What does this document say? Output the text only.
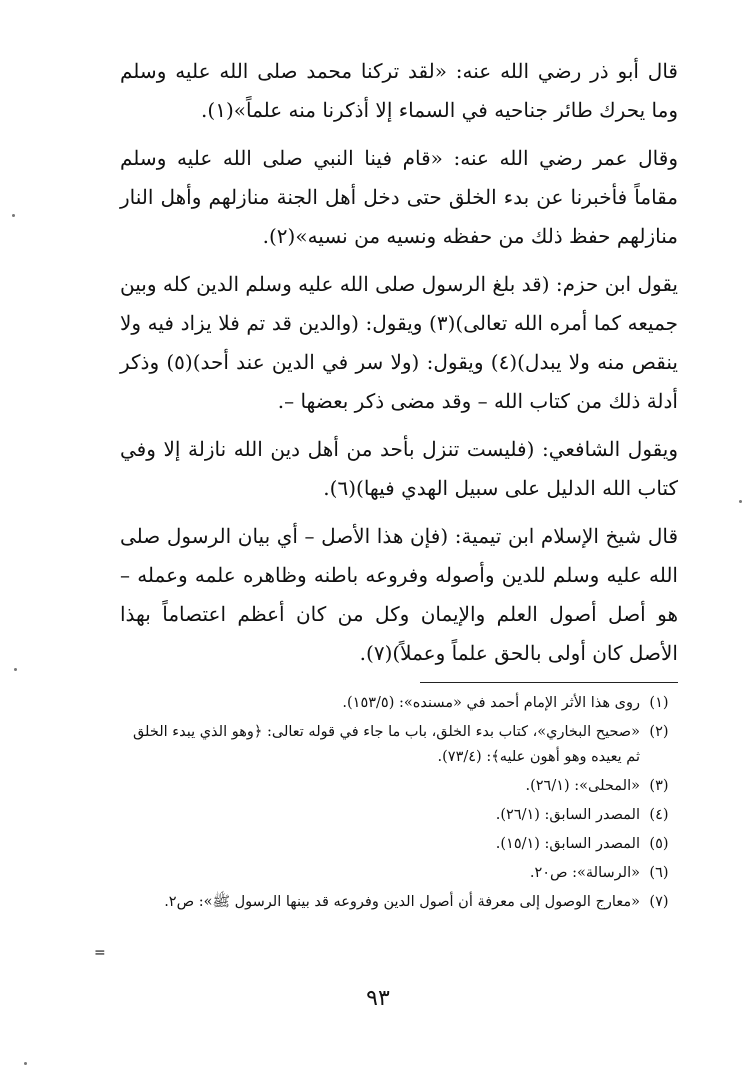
قال أبو ذر رضي الله عنه: «لقد تركنا محمد صلى الله عليه وسلم وما يحرك طائر جناحيه في السماء إلا أذكرنا منه علماً»(١).

وقال عمر رضي الله عنه: «قام فينا النبي صلى الله عليه وسلم مقاماً فأخبرنا عن بدء الخلق حتى دخل أهل الجنة منازلهم وأهل النار منازلهم حفظ ذلك من حفظه ونسيه من نسيه»(٢).

يقول ابن حزم: (قد بلغ الرسول صلى الله عليه وسلم الدين كله وبين جميعه كما أمره الله تعالى)(٣) ويقول: (والدين قد تم فلا يزاد فيه ولا ينقص منه ولا يبدل)(٤) ويقول: (ولا سر في الدين عند أحد)(٥) وذكر أدلة ذلك من كتاب الله – وقد مضى ذكر بعضها –.

ويقول الشافعي: (فليست تنزل بأحد من أهل دين الله نازلة إلا وفي كتاب الله الدليل على سبيل الهدي فيها)(٦).

قال شيخ الإسلام ابن تيمية: (فإن هذا الأصل – أي بيان الرسول صلى الله عليه وسلم للدين وأصوله وفروعه باطنه وظاهره علمه وعمله – هو أصل أصول العلم والإيمان وكل من كان أعظم اعتصاماً بهذا الأصل كان أولى بالحق علماً وعملاً)(٧).

(١)
روى هذا الأثر الإمام أحمد في «مسنده»: (١٥٣/٥).
(٢)
«صحيح البخاري»، كتاب بدء الخلق، باب ما جاء في قوله تعالى: ﴿وهو الذي يبدء الخلق ثم يعيده وهو أهون عليه﴾: (٧٣/٤).
(٣)
«المحلى»: (٢٦/١).
(٤)
المصدر السابق: (٢٦/١).
(٥)
المصدر السابق: (١٥/١).
(٦)
«الرسالة»: ص٢٠.
(٧)
«معارج الوصول إلى معرفة أن أصول الدين وفروعه قد بينها الرسول ﷺ»: ص٢.
=
٩٣
